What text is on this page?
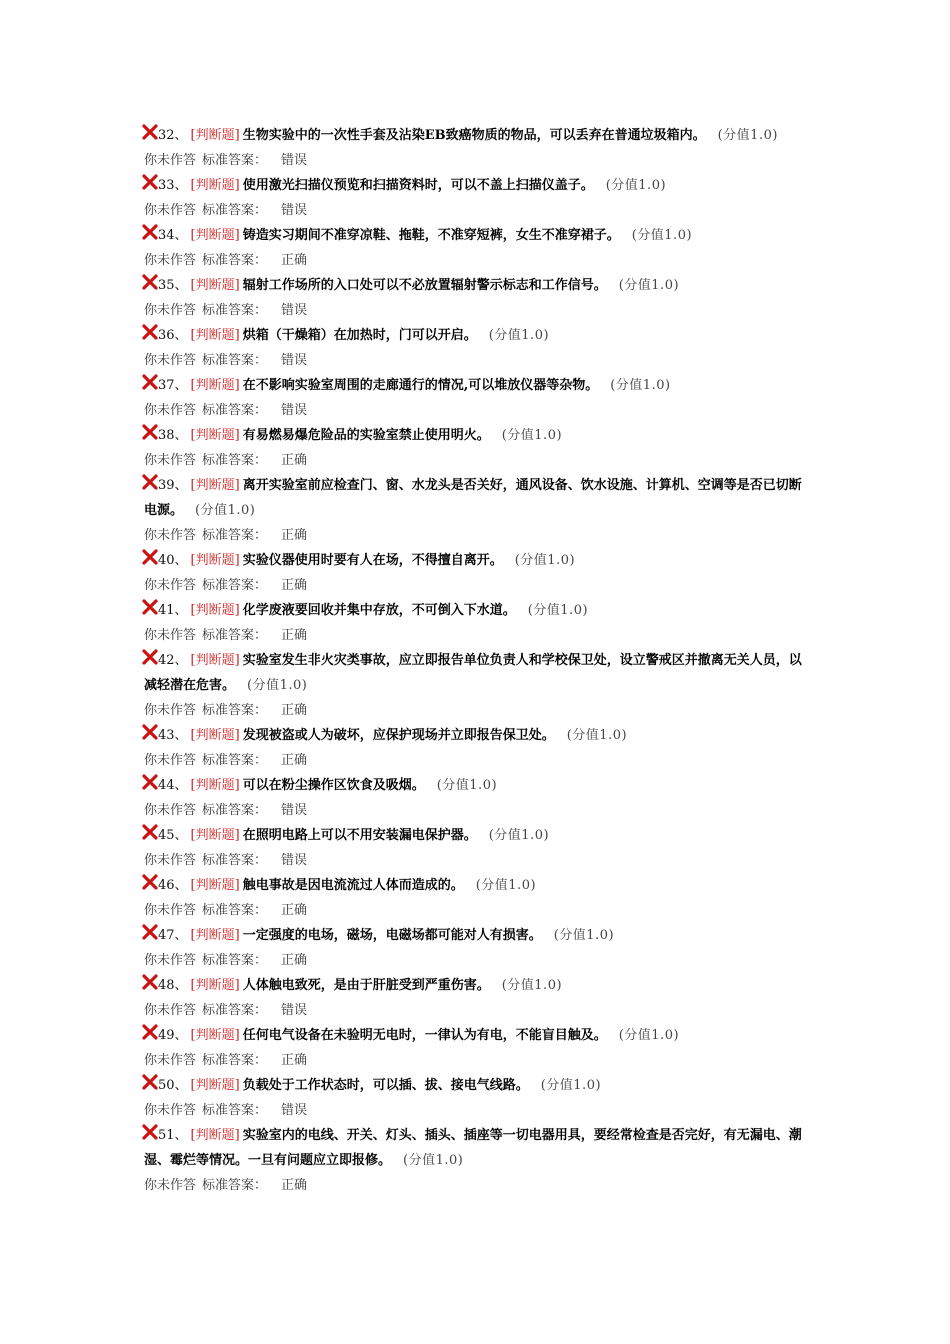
32、 [判断题] 生物实验中的一次性手套及沾染EB致癌物质的物品，可以丢弃在普通垃圾箱内。 (分值1.0)
你未作答 标准答案： 错误
33、 [判断题] 使用激光扫描仪预览和扫描资料时，可以不盖上扫描仪盖子。 (分值1.0)
你未作答 标准答案： 错误
34、 [判断题] 铸造实习期间不准穿凉鞋、拖鞋，不准穿短裤，女生不准穿裙子。 (分值1.0)
你未作答 标准答案： 正确
35、 [判断题] 辐射工作场所的入口处可以不必放置辐射警示标志和工作信号。 (分值1.0)
你未作答 标准答案： 错误
36、 [判断题] 烘箱（干燥箱）在加热时，门可以开启。 (分值1.0)
你未作答 标准答案： 错误
37、 [判断题] 在不影响实验室周围的走廊通行的情况,可以堆放仪器等杂物。 (分值1.0)
你未作答 标准答案： 错误
38、 [判断题] 有易燃易爆危险品的实验室禁止使用明火。 (分值1.0)
你未作答 标准答案： 正确
39、 [判断题] 离开实验室前应检查门、窗、水龙头是否关好，通风设备、饮水设施、计算机、空调等是否已切断电源。 (分值1.0)
你未作答 标准答案： 正确
40、 [判断题] 实验仪器使用时要有人在场，不得擅自离开。 (分值1.0)
你未作答 标准答案： 正确
41、 [判断题] 化学废液要回收并集中存放，不可倒入下水道。 (分值1.0)
你未作答 标准答案： 正确
42、 [判断题] 实验室发生非火灾类事故，应立即报告单位负责人和学校保卫处，设立警戒区并撤离无关人员，以减轻潜在危害。 (分值1.0)
你未作答 标准答案： 正确
43、 [判断题] 发现被盗或人为破坏，应保护现场并立即报告保卫处。 (分值1.0)
你未作答 标准答案： 正确
44、 [判断题] 可以在粉尘操作区饮食及吸烟。 (分值1.0)
你未作答 标准答案： 错误
45、 [判断题] 在照明电路上可以不用安装漏电保护器。 (分值1.0)
你未作答 标准答案： 错误
46、 [判断题] 触电事故是因电流流过人体而造成的。 (分值1.0)
你未作答 标准答案： 正确
47、 [判断题] 一定强度的电场，磁场，电磁场都可能对人有损害。 (分值1.0)
你未作答 标准答案： 正确
48、 [判断题] 人体触电致死，是由于肝脏受到严重伤害。 (分值1.0)
你未作答 标准答案： 错误
49、 [判断题] 任何电气设备在未验明无电时，一律认为有电，不能盲目触及。 (分值1.0)
你未作答 标准答案： 正确
50、 [判断题] 负载处于工作状态时，可以插、拔、接电气线路。 (分值1.0)
你未作答 标准答案： 错误
51、 [判断题] 实验室内的电线、开关、灯头、插头、插座等一切电器用具，要经常检查是否完好，有无漏电、潮湿、霉烂等情况。一旦有问题应立即报修。 (分值1.0)
你未作答 标准答案： 正确
